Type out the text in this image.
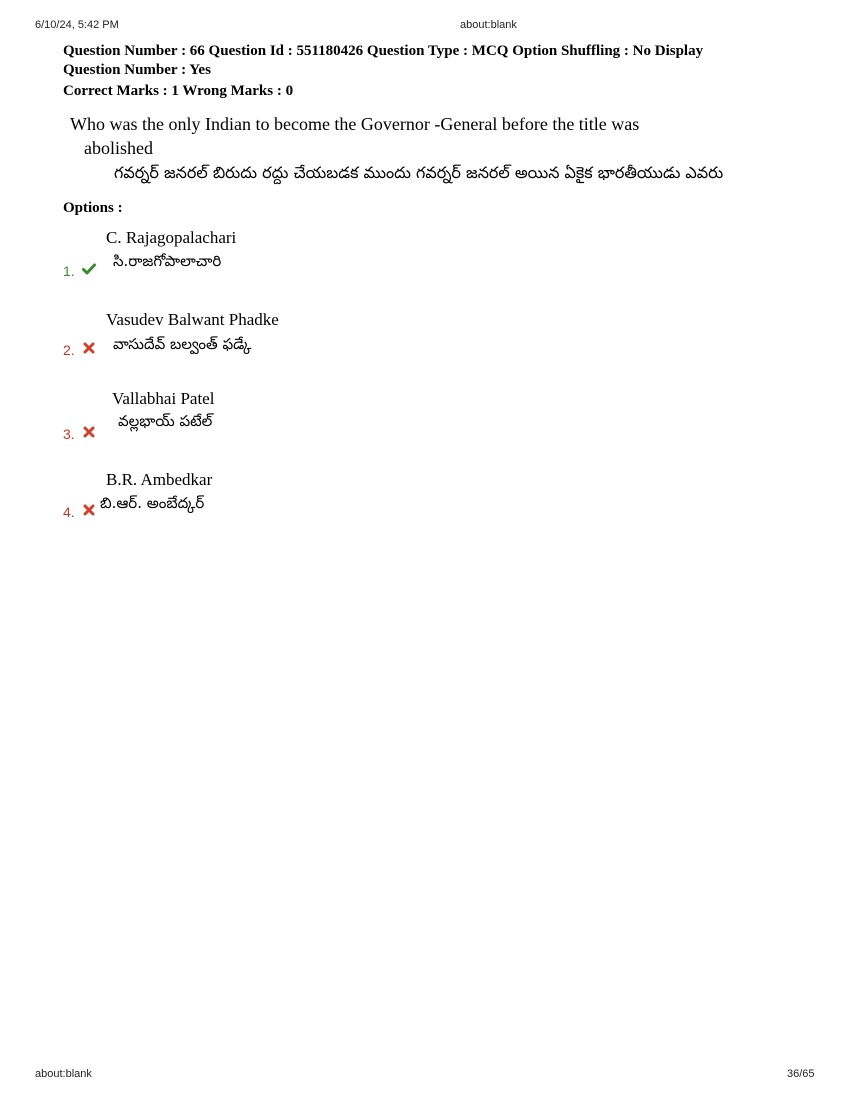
6/10/24, 5:42 PM	about:blank
Question Number : 66 Question Id : 551180426 Question Type : MCQ Option Shuffling : No Display
Question Number : Yes
Correct Marks : 1 Wrong Marks : 0
Who was the only Indian to become the Governor -General before the title was
abolished
గవర్నర్ జనరల్ బిరుదు రద్దు చేయబడక ముందు గవర్నర్ జనరల్ అయిన ఏకైక భారతీయుడు ఎవరు
Options :
C. Rajagopalachari
సి.రాజగోపాలాచారి
1.
Vasudev Balwant Phadke
వాసుదేవ్ బల్వంత్ ఫడ్కే
2.
Vallabhai Patel
వల్లభాయ్ పటేల్
3.
B.R. Ambedkar
బి.ఆర్. అంబేద్కర్
4.
about:blank	36/65
